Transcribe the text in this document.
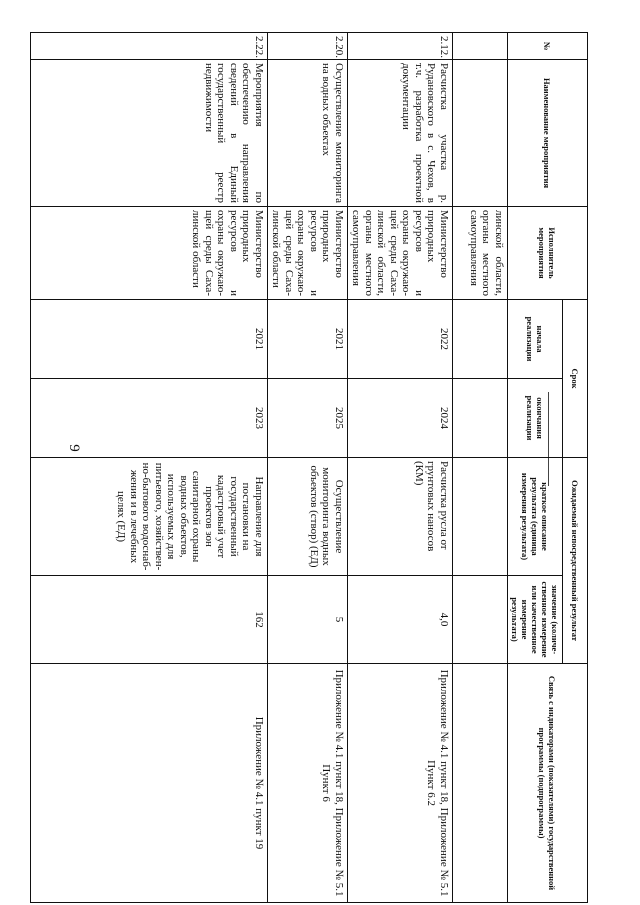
9
№	Наименование мероприятия	Исполнитель мероприятия	Срок		Ожидаемый непосредственный результат		Связь с индикаторами (показателями) государственной программы (подпрограммы)
			начала реализации	окончания реализации	краткое описание результата (единица измерения результата)	значение (количественное измерение или качественное измерение результата)	
		линской области, органы местного самоуправления					
2.12.	Расчистка участка р. Рудановского в с. Чехов, в т.ч. разработка проектной документации	Министерство природных ресурсов и охраны окружающей среды Сахалинской области, органы местного самоуправления	2022	2024	Расчистка русла от грунтовых наносов (КМ)	4,0	Приложение № 4.1 пункт 18, Приложение № 5.1 Пункт 6.2
2.20.	Осуществление мониторинга на водных объектах	Министерство природных ресурсов и охраны окружающей среды Сахалинской области	2021	2025	Осуществление мониторинга водных объектов (створ) (ЕД)	5	Приложение № 4.1 пункт 18, Приложение № 5.1 Пункт 6
2.22.	Мероприятия по обеспечению направления сведений в Единый государственный реестр недвижимости	Министерство природных ресурсов и охраны окружающей среды Сахалинской области	2021	2023	Направление для постановки на государственный кадастровый учет проектов зон санитарной охраны водных объектов, используемых для питьевого, хозяйственно-бытового водоснабжения и в лечебных целях (ЕД)	162	Приложение № 4.1 пункт 19
